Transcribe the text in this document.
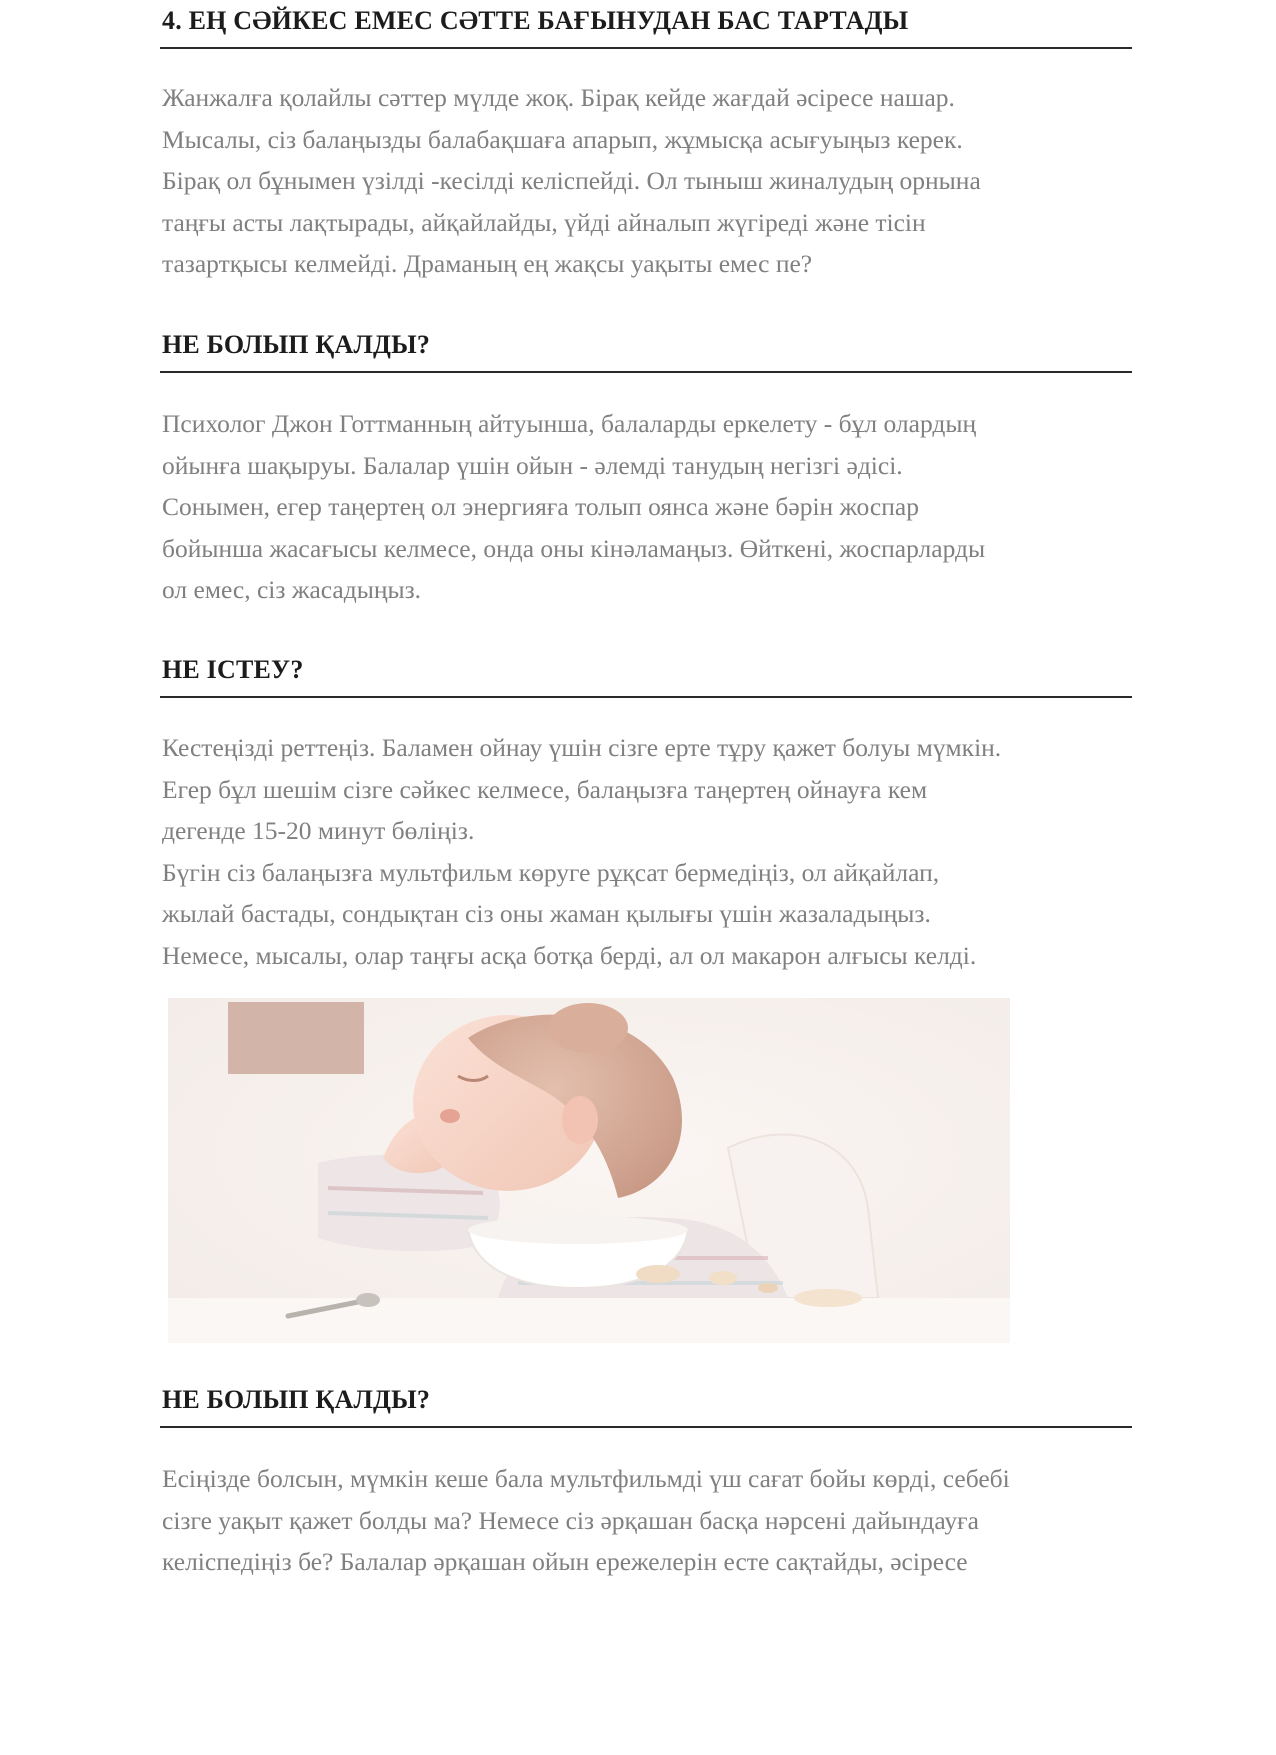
4. ЕҢ СӘЙКЕС ЕМЕС СӘТТЕ БАҒЫНУДАН БАС ТАРТАДЫ
Жанжалға қолайлы сәттер мүлде жоқ. Бірақ кейде жағдай әсіресе нашар.
Мысалы, сіз балаңызды балабақшаға апарып, жұмысқа асығуыңыз керек.
Бірақ ол бұнымен үзілді -кесілді келіспейді. Ол тыныш жиналудың орнына
таңғы асты лақтырады, айқайлайды, үйді айналып жүгіреді және тісін
тазартқысы келмейді. Драманың ең жақсы уақыты емес пе?
НЕ БОЛЫП ҚАЛДЫ?
Психолог Джон Готтманның айтуынша, балаларды еркелету - бұл олардың
ойынға шақыруы. Балалар үшін ойын - әлемді танудың негізгі әдісі.
Сонымен, егер таңертең ол энергияға толып оянса және бәрін жоспар
бойынша жасағысы келмесе, онда оны кінәламаңыз. Өйткені, жоспарларды
ол емес, сіз жасадыңыз.
НЕ ІСТЕУ?
Кестеңізді реттеңіз. Баламен ойнау үшін сізге ерте тұру қажет болуы мүмкін.
Егер бұл шешім сізге сәйкес келмесе, балаңызға таңертең ойнауға кем
дегенде 15-20 минут бөліңіз.
Бүгін сіз балаңызға мультфильм көруге рұқсат бермедіңіз, ол айқайлап,
жылай бастады, сондықтан сіз оны жаман қылығы үшін жазаладыңыз.
Немесе, мысалы, олар таңғы асқа ботқа берді, ал ол макарон алғысы келді.
НЕ БОЛЫП ҚАЛДЫ?
Есіңізде болсын, мүмкін кеше бала мультфильмді үш сағат бойы көрді, себебі
сізге уақыт қажет болды ма? Немесе сіз әрқашан басқа нәрсені дайындауға
келіспедіңіз бе? Балалар әрқашан ойын ережелерін есте сақтайды, әсіресе
